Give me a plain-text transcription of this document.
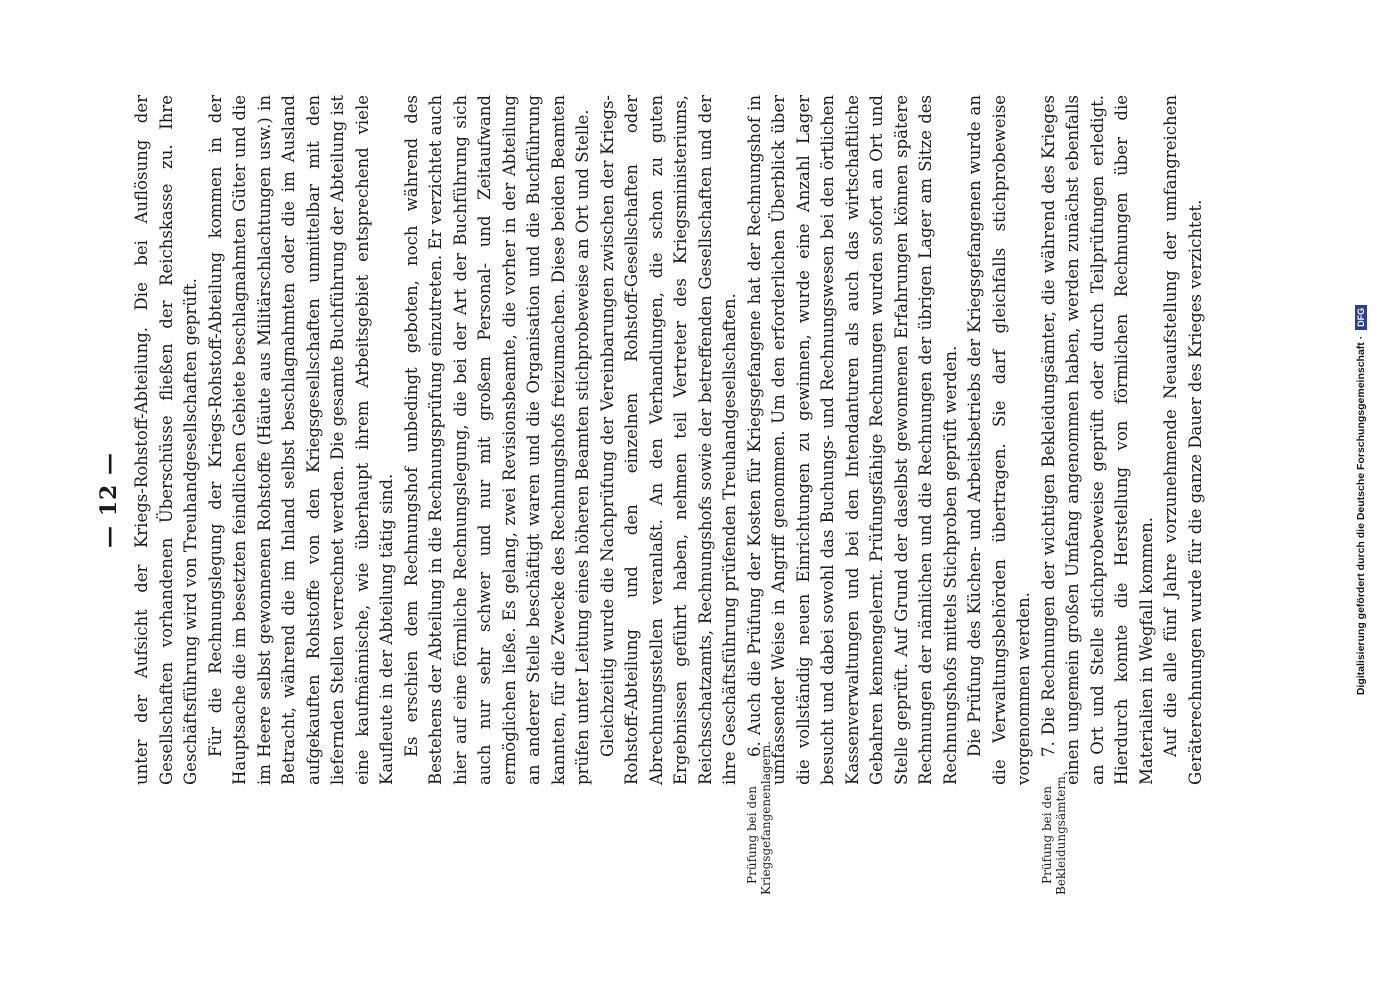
— 12 — unter der Aufsicht der Kriegs-Rohstoff-Abteilung. Die bei Auflösung der Gesellschaften vorhandenen Überschüsse fließen der Reichskasse zu. Ihre Geschäftsführung wird von Treuhandgesellschaften geprüft. Für die Rechnungslegung der Kriegs-Rohstoff-Abteilung kommen in der Hauptsache die im besetzten feindlichen Gebiete beschlagnahmten Güter und die im Heere selbst gewonnenen Rohstoffe (Häute aus Militärschlachtungen usw.) in Betracht, während die im Inland selbst beschlagnahmten oder die im Ausland aufgekauften Rohstoffe von den Kriegsgesellschaften unmittelbar mit den liefernden Stellen verrechnet werden. Die gesamte Buchführung der Abteilung ist eine kaufmännische, wie überhaupt ihrem Arbeitsgebiet entsprechend viele Kaufleute in der Abteilung tätig sind. Es erschien dem Rechnungshof unbedingt geboten, noch während des Bestehens der Abteilung in die Rechnungsprüfung einzutreten. Er verzichtet auch hier auf eine förmliche Rechnungslegung, die bei der Art der Buchführung sich auch nur sehr schwer und nur mit großem Personal- und Zeitaufwand ermöglichen ließe. Es gelang, zwei Revisionsbeamte, die vorher in der Abteilung an anderer Stelle beschäftigt waren und die Organisation und die Buchführung kannten, für die Zwecke des Rechnungshofs freizumachen. Diese beiden Beamten prüfen unter Leitung eines höheren Beamten stichprobeweise an Ort und Stelle. Gleichzeitig wurde die Nachprüfung der Vereinbarungen zwischen der Kriegs-Rohstoff-Abteilung und den einzelnen Rohstoff-Gesellschaften oder Abrechnungsstellen veranlaßt. An den Verhandlungen, die schon zu guten Ergebnissen geführt haben, nehmen teil Vertreter des Kriegsministeriums, Reichsschatzamts, Rechnungshofs sowie der betreffenden Gesellschaften und der ihre Geschäftsführung prüfenden Treuhandgesellschaften. 6. Auch die Prüfung der Kosten für Kriegsgefangene hat der Rechnungshof in umfassender Weise in Angriff genommen. Um den erforderlichen Überblick über die vollständig neuen Einrichtungen zu gewinnen, wurde eine Anzahl Lager besucht und dabei sowohl das Buchungs- und Rechnungswesen bei den örtlichen Kassenverwaltungen und bei den Intendanturen als auch das wirtschaftliche Gebahren kennengelernt. Prüfungsfähige Rechnungen wurden sofort an Ort und Stelle geprüft. Auf Grund der daselbst gewonnenen Erfahrungen können spätere Rechnungen der nämlichen und die Rechnungen der übrigen Lager am Sitze des Rechnungshofs mittels Stichproben geprüft werden. Die Prüfung des Küchen- und Arbeitsbetriebs der Kriegsgefangenen wurde an die Verwaltungsbehörden übertragen. Sie darf gleichfalls stichprobeweise vorgenommen werden. 7. Die Rechnungen der wichtigen Bekleidungsämter, die während des Krieges einen ungemein großen Umfang angenommen haben, werden zunächst ebenfalls an Ort und Stelle stichprobeweise geprüft oder durch Teilprüfungen erledigt. Hierdurch konnte die Herstellung von förmlichen Rechnungen über die Materialien in Wegfall kommen. Auf die alle fünf Jahre vorzunehmende Neuaufstellung der umfangreichen Geräterechnungen wurde für die ganze Dauer des Krieges verzichtet.

Prüfung bei den Kriegsgefangenenlagern.	Prüfung bei den Bekleidungsämtern.
Digitalisierung gefördert durch die Deutsche Forschungsgemeinschaft · DFG
